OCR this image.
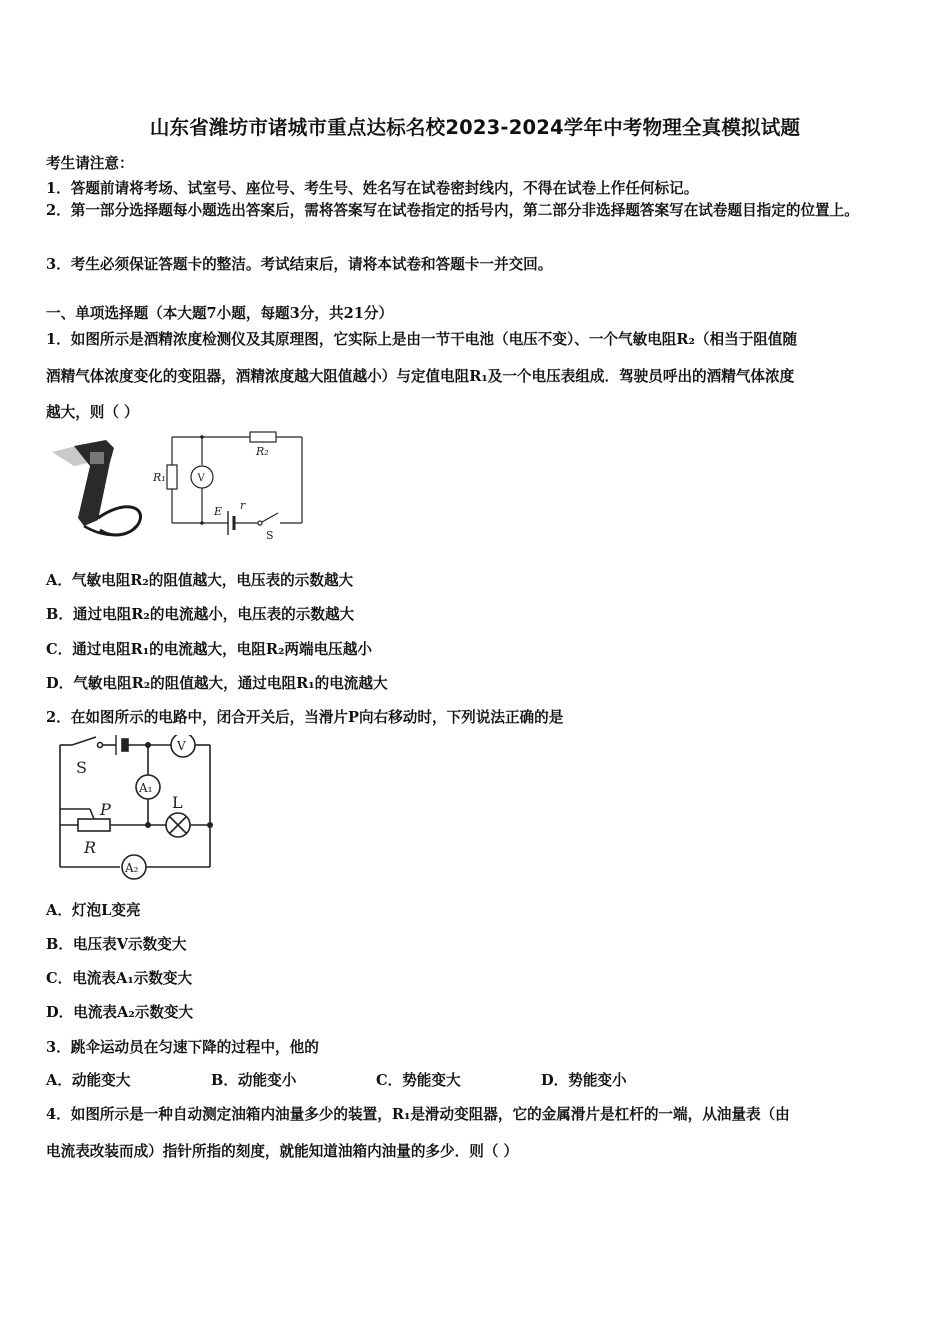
山东省潍坊市诸城市重点达标名校2023-2024学年中考物理全真模拟试题
考生请注意：
1．答题前请将考场、试室号、座位号、考生号、姓名写在试卷密封线内，不得在试卷上作任何标记。
2．第一部分选择题每小题选出答案后，需将答案写在试卷指定的括号内，第二部分非选择题答案写在试卷题目指定的位置上。
3．考生必须保证答题卡的整洁。考试结束后，请将本试卷和答题卡一并交回。
一、单项选择题（本大题7小题，每题3分，共21分）
1．如图所示是酒精浓度检测仪及其原理图，它实际上是由一节干电池（电压不变）、一个气敏电阻R₂（相当于阻值随
酒精气体浓度变化的变阻器，酒精浓度越大阻值越小）与定值电阻R₁及一个电压表组成．驾驶员呼出的酒精气体浓度
越大，则（ ）
R₂
R₁
E r
S
V
A．气敏电阻R₂的阻值越大，电压表的示数越大
B．通过电阻R₂的电流越小，电压表的示数越大
C．通过电阻R₁的电流越大，电阻R₂两端电压越小
D．气敏电阻R₂的阻值越大，通过电阻R₁的电流越大
2．在如图所示的电路中，闭合开关后，当滑片P向右移动时，下列说法正确的是
S
V
A₁
P	L
R
A₂
A．灯泡L变亮
B．电压表V示数变大
C．电流表A₁示数变大
D．电流表A₂示数变大
3．跳伞运动员在匀速下降的过程中，他的
A．动能变大	B．动能变小	C．势能变大	D．势能变小
4．如图所示是一种自动测定油箱内油量多少的装置，R₁是滑动变阻器，它的金属滑片是杠杆的一端，从油量表（由
电流表改装而成）指针所指的刻度，就能知道油箱内油量的多少．则（ ）
